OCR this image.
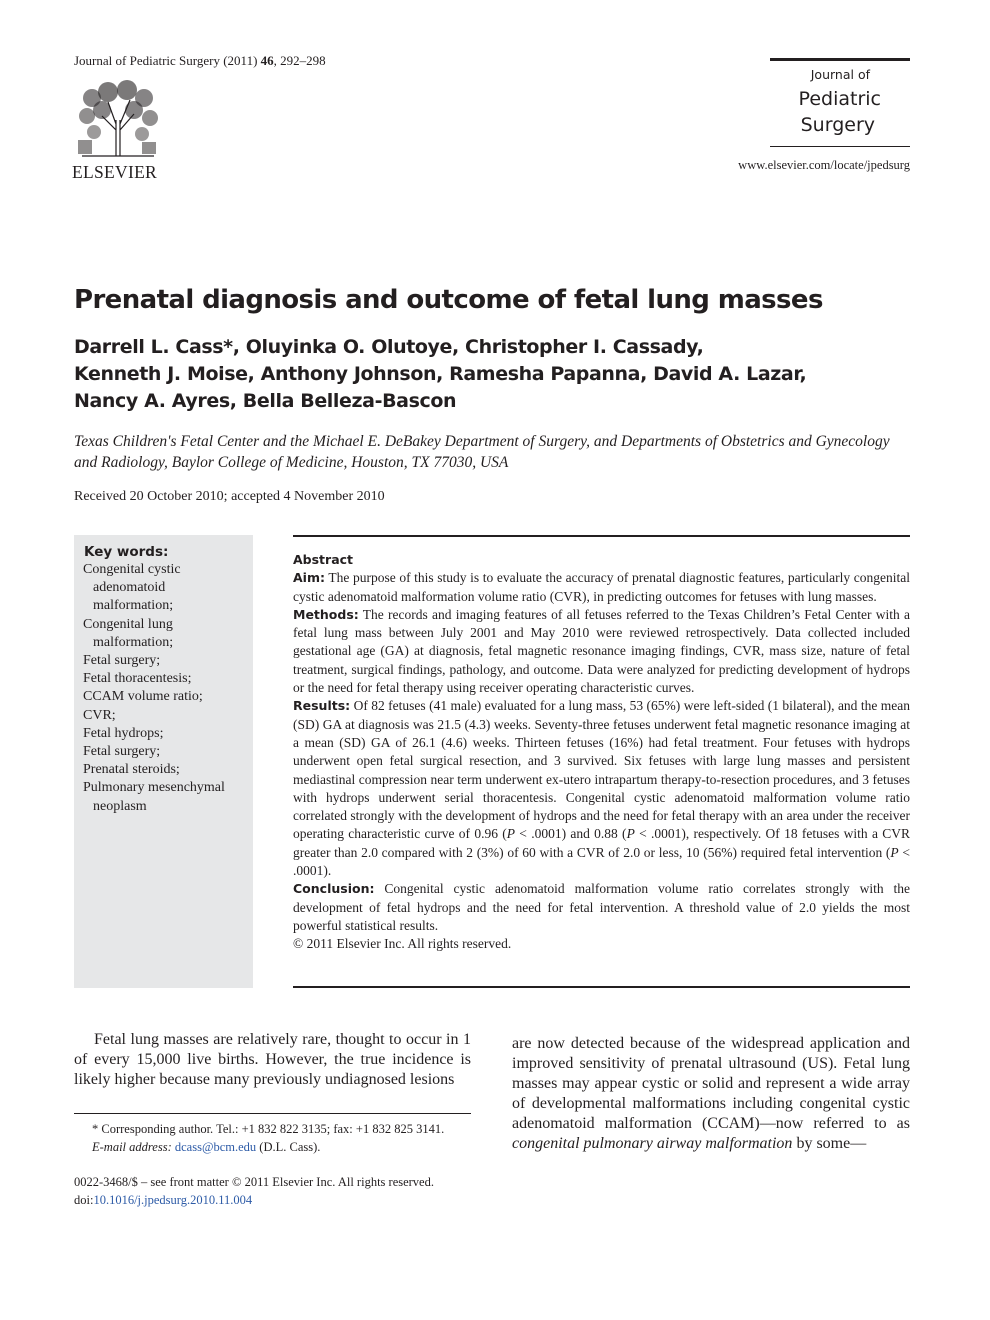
Journal of Pediatric Surgery (2011) 46, 292–298
ELSEVIER
Journal of
Pediatric
Surgery
www.elsevier.com/locate/jpedsurg
Prenatal diagnosis and outcome of fetal lung masses
Darrell L. Cass*, Oluyinka O. Olutoye, Christopher I. Cassady,
Kenneth J. Moise, Anthony Johnson, Ramesha Papanna, David A. Lazar,
Nancy A. Ayres, Bella Belleza-Bascon
Texas Children's Fetal Center and the Michael E. DeBakey Department of Surgery, and Departments of Obstetrics and Gynecology and Radiology, Baylor College of Medicine, Houston, TX 77030, USA
Received 20 October 2010; accepted 4 November 2010
Key words:
Congenital cystic adenomatoid malformation;
Congenital lung malformation;
Fetal surgery;
Fetal thoracentesis;
CCAM volume ratio;
CVR;
Fetal hydrops;
Fetal surgery;
Prenatal steroids;
Pulmonary mesenchymal neoplasm

Abstract

Aim: The purpose of this study is to evaluate the accuracy of prenatal diagnostic features, particularly congenital cystic adenomatoid malformation volume ratio (CVR), in predicting outcomes for fetuses with lung masses.

Methods: The records and imaging features of all fetuses referred to the Texas Children’s Fetal Center with a fetal lung mass between July 2001 and May 2010 were reviewed retrospectively. Data collected included gestational age (GA) at diagnosis, fetal magnetic resonance imaging findings, CVR, mass size, nature of fetal treatment, surgical findings, pathology, and outcome. Data were analyzed for predicting development of hydrops or the need for fetal therapy using receiver operating characteristic curves.

Results: Of 82 fetuses (41 male) evaluated for a lung mass, 53 (65%) were left-sided (1 bilateral), and the mean (SD) GA at diagnosis was 21.5 (4.3) weeks. Seventy-three fetuses underwent fetal magnetic resonance imaging at a mean (SD) GA of 26.1 (4.6) weeks. Thirteen fetuses (16%) had fetal treatment. Four fetuses with hydrops underwent open fetal surgical resection, and 3 survived. Six fetuses with large lung masses and persistent mediastinal compression near term underwent ex-utero intrapartum therapy-to-resection procedures, and 3 fetuses with hydrops underwent serial thoracentesis. Congenital cystic adenomatoid malformation volume ratio correlated strongly with the development of hydrops and the need for fetal therapy with an area under the receiver operating characteristic curve of 0.96 (P < .0001) and 0.88 (P < .0001), respectively. Of 18 fetuses with a CVR greater than 2.0 compared with 2 (3%) of 60 with a CVR of 2.0 or less, 10 (56%) required fetal intervention (P < .0001).

Conclusion: Congenital cystic adenomatoid malformation volume ratio correlates strongly with the development of fetal hydrops and the need for fetal intervention. A threshold value of 2.0 yields the most powerful statistical results.

© 2011 Elsevier Inc. All rights reserved.

Fetal lung masses are relatively rare, thought to occur in 1 of every 15,000 live births. However, the true incidence is likely higher because many previously undiagnosed lesions
are now detected because of the widespread application and improved sensitivity of prenatal ultrasound (US). Fetal lung masses may appear cystic or solid and represent a wide array of developmental malformations including congenital cystic adenomatoid malformation (CCAM)—now referred to as congenital pulmonary airway malformation by some—
* Corresponding author. Tel.: +1 832 822 3135; fax: +1 832 825 3141.
E-mail address: dcass@bcm.edu (D.L. Cass).
0022-3468/$ – see front matter © 2011 Elsevier Inc. All rights reserved.
doi:10.1016/j.jpedsurg.2010.11.004
